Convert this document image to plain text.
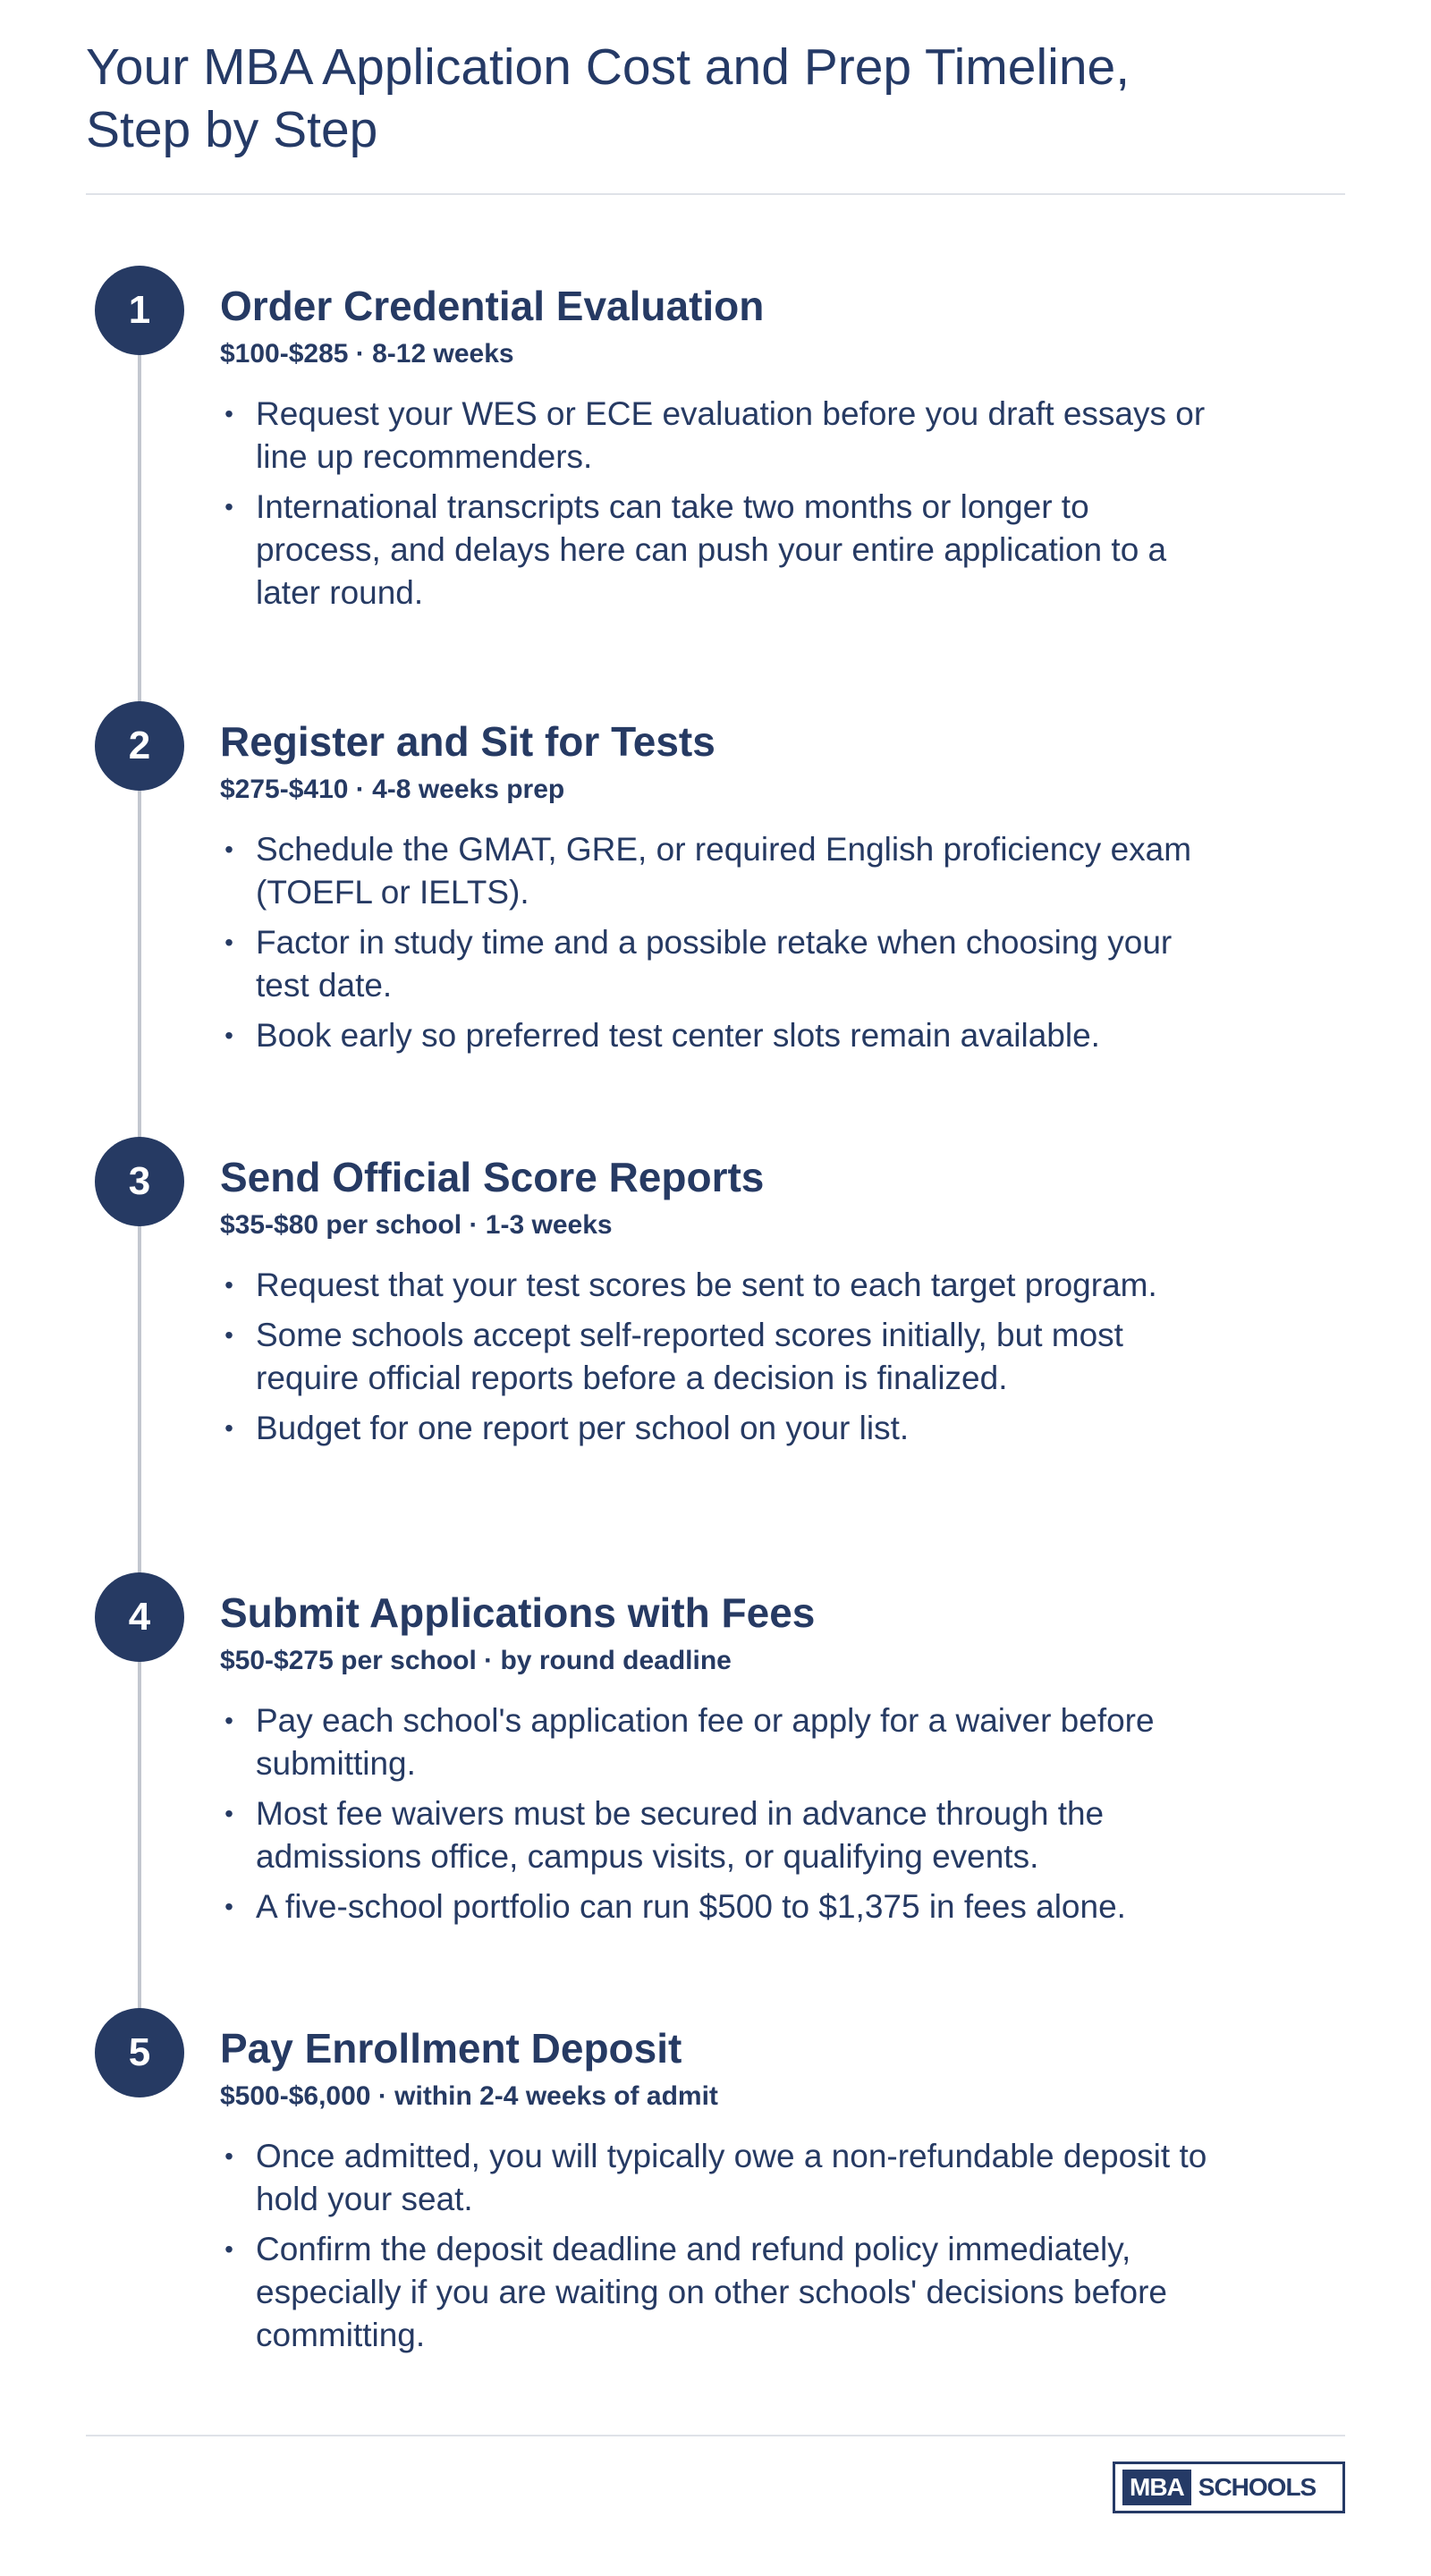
Your MBA Application Cost and Prep Timeline,
Step by Step
1	Order Credential Evaluation
$100-$285 · 8-12 weeks
• Request your WES or ECE evaluation before you draft essays or line up recommenders.
• International transcripts can take two months or longer to process, and delays here can push your entire application to a later round.
2	Register and Sit for Tests
$275-$410 · 4-8 weeks prep
• Schedule the GMAT, GRE, or required English proficiency exam (TOEFL or IELTS).
• Factor in study time and a possible retake when choosing your test date.
• Book early so preferred test center slots remain available.
3	Send Official Score Reports
$35-$80 per school · 1-3 weeks
• Request that your test scores be sent to each target program.
• Some schools accept self-reported scores initially, but most require official reports before a decision is finalized.
• Budget for one report per school on your list.
4	Submit Applications with Fees
$50-$275 per school · by round deadline
• Pay each school's application fee or apply for a waiver before submitting.
• Most fee waivers must be secured in advance through the admissions office, campus visits, or qualifying events.
• A five-school portfolio can run $500 to $1,375 in fees alone.
5	Pay Enrollment Deposit
$500-$6,000 · within 2-4 weeks of admit
• Once admitted, you will typically owe a non-refundable deposit to hold your seat.
• Confirm the deposit deadline and refund policy immediately, especially if you are waiting on other schools' decisions before committing.
MBA SCHOOLS
